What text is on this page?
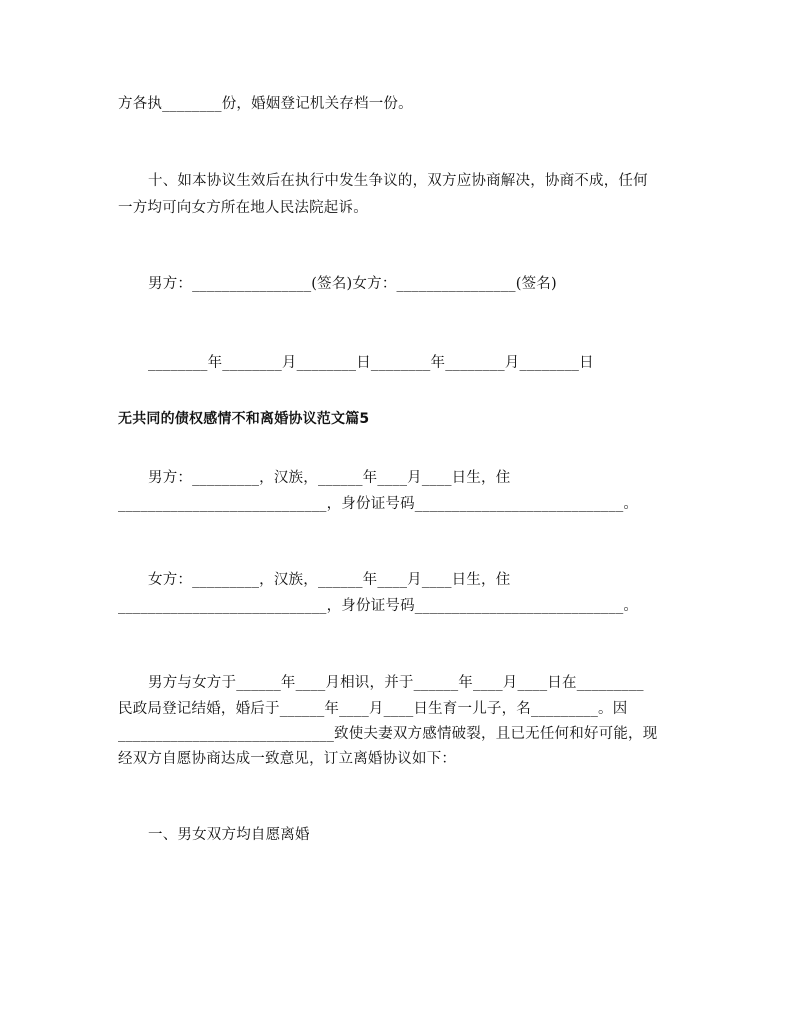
方各执________份，婚姻登记机关存档一份。
十、如本协议生效后在执行中发生争议的，双方应协商解决，协商不成，任何
一方均可向女方所在地人民法院起诉。
男方：________________(签名)女方：________________(签名)
________年________月________日________年________月________日
无共同的债权感情不和离婚协议范文篇5
男方：_________，汉族，______年____月____日生，住
____________________________，身份证号码____________________________。
女方：_________，汉族，______年____月____日生，住
____________________________，身份证号码____________________________。
男方与女方于______年____月相识，并于______年____月____日在_________
民政局登记结婚，婚后于______年____月____日生育一儿子，名_________。因
_____________________________致使夫妻双方感情破裂，且已无任何和好可能，现
经双方自愿协商达成一致意见，订立离婚协议如下：
一、男女双方均自愿离婚
